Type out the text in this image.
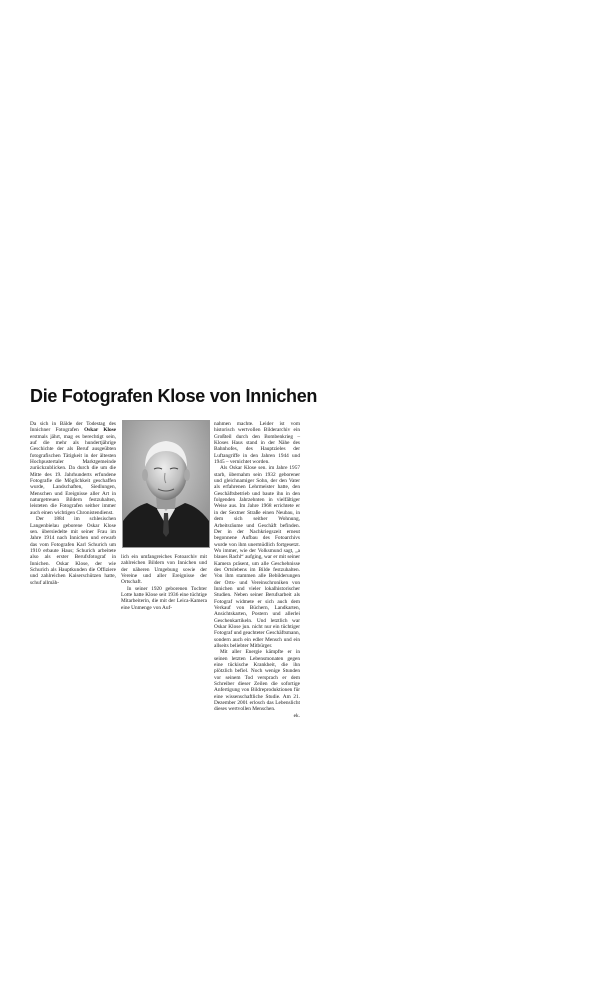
Die Fotografen Klose von Innichen

Da sich in Bälde der Todestag des Innichner Fotografen Oskar Klose erstmals jährt, mag es berechtigt sein, auf die mehr als hundertjährige Geschichte der als Beruf ausgeübten fotografischen Tätigkeit in der ältesten Hochpustertaler Marktgemeinde zurückzublicken. Da durch die um die Mitte des 19. Jahrhunderts erfundene Fotografie die Möglichkeit geschaffen wurde, Landschaften, Siedlungen, Menschen und Ereignisse aller Art in naturgetreuen Bildern festzuhalten, leisteten die Fotografen seither immer auch einen wichtigen Chronistendienst.

Der 1884 im schlesischen Langenbielau geborene Oskar Klose sen. übersiedelte mit seiner Frau im Jahre 1914 nach Innichen und erwarb das vom Fotografen Karl Schurich um 1910 erbaute Haus; Schurich arbeitete also als erster Berufsfotograf in Innichen. Oskar Klose, der wie Schurich als Hauptkunden die Offiziere und zahlreichen Kaiserschützen hatte, schuf allmäh-

lich ein umfangreiches Fotoarchiv mit zahlreichen Bildern von Innichen und der näheren Umgebung sowie der Vereine und aller Ereignisse der Ortschaft.

In seiner 1920 geborenen Tochter Lotte hatte Klose seit 1936 eine tüchtige Mitarbeiterin, die mit der Leica-Kamera eine Unmenge von Auf-

nahmen machte. Leider ist vom historisch wertvollen Bilderarchiv ein Großteil durch den Bombenkrieg – Kloses Haus stand in der Nähe des Bahnhofes, des Hauptzieles der Luftangriffe in den Jahren 1944 und 1945 – vernichtet worden.

Als Oskar Klose sen. im Jahre 1957 starb, übernahm sein 1932 geborener und gleichnamiger Sohn, der den Vater als erfahrenen Lehrmeister hatte, den Geschäftsbetrieb und baute ihn in den folgenden Jahrzehnten in vielfältiger Weise aus. Im Jahre 1968 errichtete er in der Sextner Straße einen Neubau, in dem sich seither Wohnung, Arbeitsräume und Geschäft befinden. Der in der Nachkriegszeit erneut begonnene Aufbau des Fotoarchivs wurde von ihm unermüdlich fortgesetzt. Wo immer, wie der Volksmund sagt, „a blaues Rachl“ aufging, war er mit seiner Kamera präsent, um alle Geschehnisse des Ortslebens im Bilde festzuhalten. Von ihm stammen alle Bebilderungen der Orts- und Vereinschroniken von Innichen und vieler lokalhistorischer Studien. Neben seiner Berufsarbeit als Fotograf widmete er sich auch dem Verkauf von Büchern, Landkarten, Ansichtskarten, Postern und allerlei Geschenkartikeln. Und letztlich war Oskar Klose jun. nicht nur ein tüchtiger Fotograf und geachteter Geschäftsmann, sondern auch ein edler Mensch und ein allseits beliebter Mitbürger.

Mit aller Energie kämpfte er in seinen letzten Lebensmonaten gegen eine tückische Krankheit, die ihn plötzlich befiel. Noch wenige Stunden vor seinem Tod versprach er dem Schreiber dieser Zeilen die sofortige Anfertigung von Bildreproduktionen für eine wissenschaftliche Studie. Am 21. Dezember 2001 erlosch das Lebenslicht dieses wertvollen Menschen.

ek.
